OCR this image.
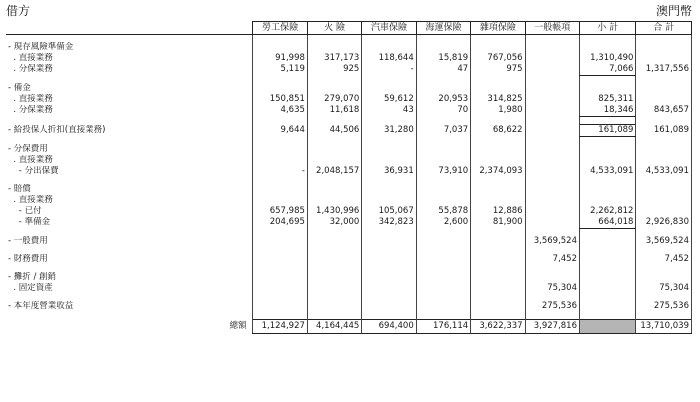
借方	澳門幣
	勞工保險	火 險	汽車保險	海運保險	雜項保險	一般帳項	小 計	合 計

- 現存風險準備金								
. 直接業務	91,998	317,173	118,644	15,819	767,056		1,310,490	
. 分保業務	5,119	925	-	47	975		7,066	1,317,556

- 備金								
. 直接業務	150,851	279,070	59,612	20,953	314,825		825,311	
. 分保業務	4,635	11,618	43	70	1,980		18,346	843,657

- 給投保人折扣(直接業務)	9,644	44,506	31,280	7,037	68,622		161,089	161,089

- 分保費用								
. 直接業務								
- 分出保費	-	2,048,157	36,931	73,910	2,374,093		4,533,091	4,533,091

- 賠償								
. 直接業務								
- 已付	657,985	1,430,996	105,067	55,878	12,886		2,262,812	
- 準備金	204,695	32,000	342,823	2,600	81,900		664,018	2,926,830

- 一般費用						3,569,524		3,569,524

- 財務費用						7,452		7,452

- 攤折 / 創銷								
. 固定資產						75,304		75,304

- 本年度營業收益						275,536		275,536

總額	1,124,927	4,164,445	694,400	176,114	3,622,337	3,927,816		13,710,039
